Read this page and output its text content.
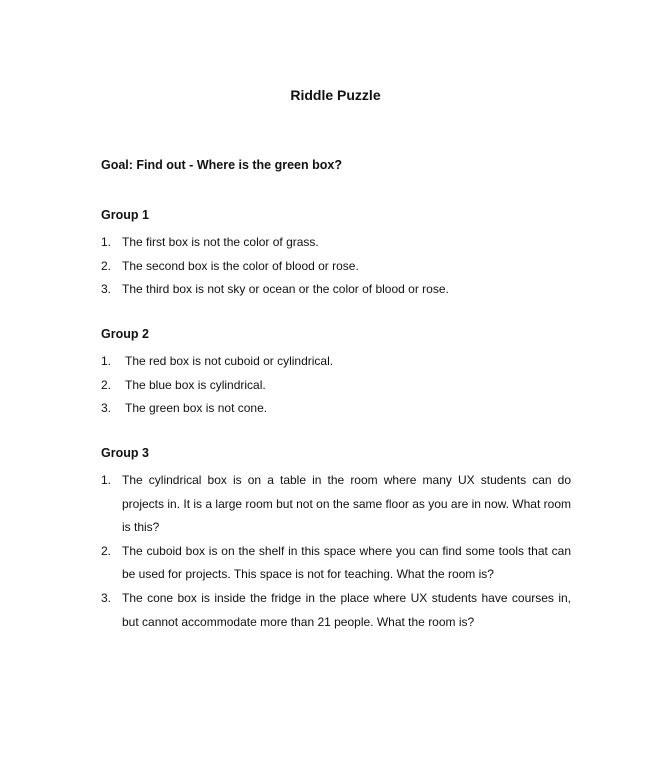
Riddle Puzzle
Goal: Find out - Where is the green box?
Group 1
1. The first box is not the color of grass.
2. The second box is the color of blood or rose.
3. The third box is not sky or ocean or the color of blood or rose.
Group 2
1.	The red box is not cuboid or cylindrical.
2.	The blue box is cylindrical.
3.	The green box is not cone.
Group 3
1. The cylindrical box is on a table in the room where many UX students can do projects in. It is a large room but not on the same floor as you are in now. What room is this?
2. The cuboid box is on the shelf in this space where you can find some tools that can be used for projects. This space is not for teaching. What the room is?
3. The cone box is inside the fridge in the place where UX students have courses in, but cannot accommodate more than 21 people. What the room is?
